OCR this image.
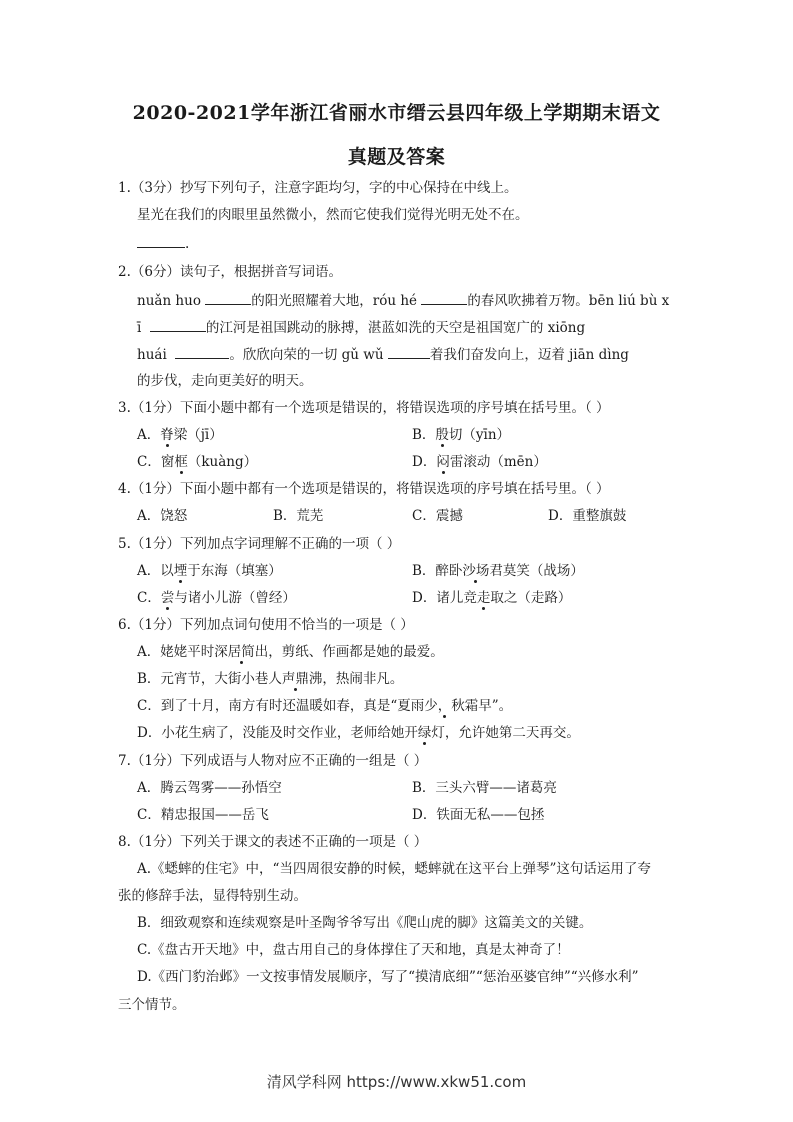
2020-2021学年浙江省丽水市缙云县四年级上学期期末语文
真题及答案
1.（3分）抄写下列句子，注意字距均匀，字的中心保持在中线上。
星光在我们的肉眼里虽然微小，然而它使我们觉得光明无处不在。
.
2.（6分）读句子，根据拼音写词语。
nuǎn huo	的阳光照耀着大地，róu hé	的春风吹拂着万物。bēn liú bù x
ī	的江河是祖国跳动的脉搏，湛蓝如洗的天空是祖国宽广的 xiōng
huái	。欣欣向荣的一切 gǔ wǔ	着我们奋发向上，迈着 jiān dìng
的步伐，走向更美好的明天。
3.（1分）下面小题中都有一个选项是错误的，将错误选项的序号填在括号里。（ ）
A．脊梁（jī）	B．殷切（yīn）
C．窗框（kuàng）	D．闷雷滚动（mēn）
4.（1分）下面小题中都有一个选项是错误的，将错误选项的序号填在括号里。（ ）
A．饶怒	B．荒芜	C．震撼	D．重整旗鼓
5.（1分）下列加点字词理解不正确的一项（ ）
A．以堙于东海（填塞）	B．醉卧沙场君莫笑（战场）
C．尝与诸小儿游（曾经）	D．诸儿竞走取之（走路）
6.（1分）下列加点词句使用不恰当的一项是（ ）
A．姥姥平时深居简出，剪纸、作画都是她的最爱。
B．元宵节，大街小巷人声鼎沸，热闹非凡。
C．到了十月，南方有时还温暖如春，真是“夏雨少，秋霜早”。
D．小花生病了，没能及时交作业，老师给她开绿灯，允许她第二天再交。
7.（1分）下列成语与人物对应不正确的一组是（ ）
A．腾云驾雾——孙悟空	B．三头六臂——诸葛亮
C．精忠报国——岳飞	D．铁面无私——包拯
8.（1分）下列关于课文的表述不正确的一项是（ ）
A.《蟋蟀的住宅》中，“当四周很安静的时候，蟋蟀就在这平台上弹琴”这句话运用了夸
张的修辞手法，显得特别生动。
B．细致观察和连续观察是叶圣陶爷爷写出《爬山虎的脚》这篇美文的关键。
C.《盘古开天地》中，盘古用自己的身体撑住了天和地，真是太神奇了！
D.《西门豹治邺》一文按事情发展顺序，写了“摸清底细”“惩治巫婆官绅”“兴修水利”
三个情节。
清风学科网 https://www.xkw51.com
